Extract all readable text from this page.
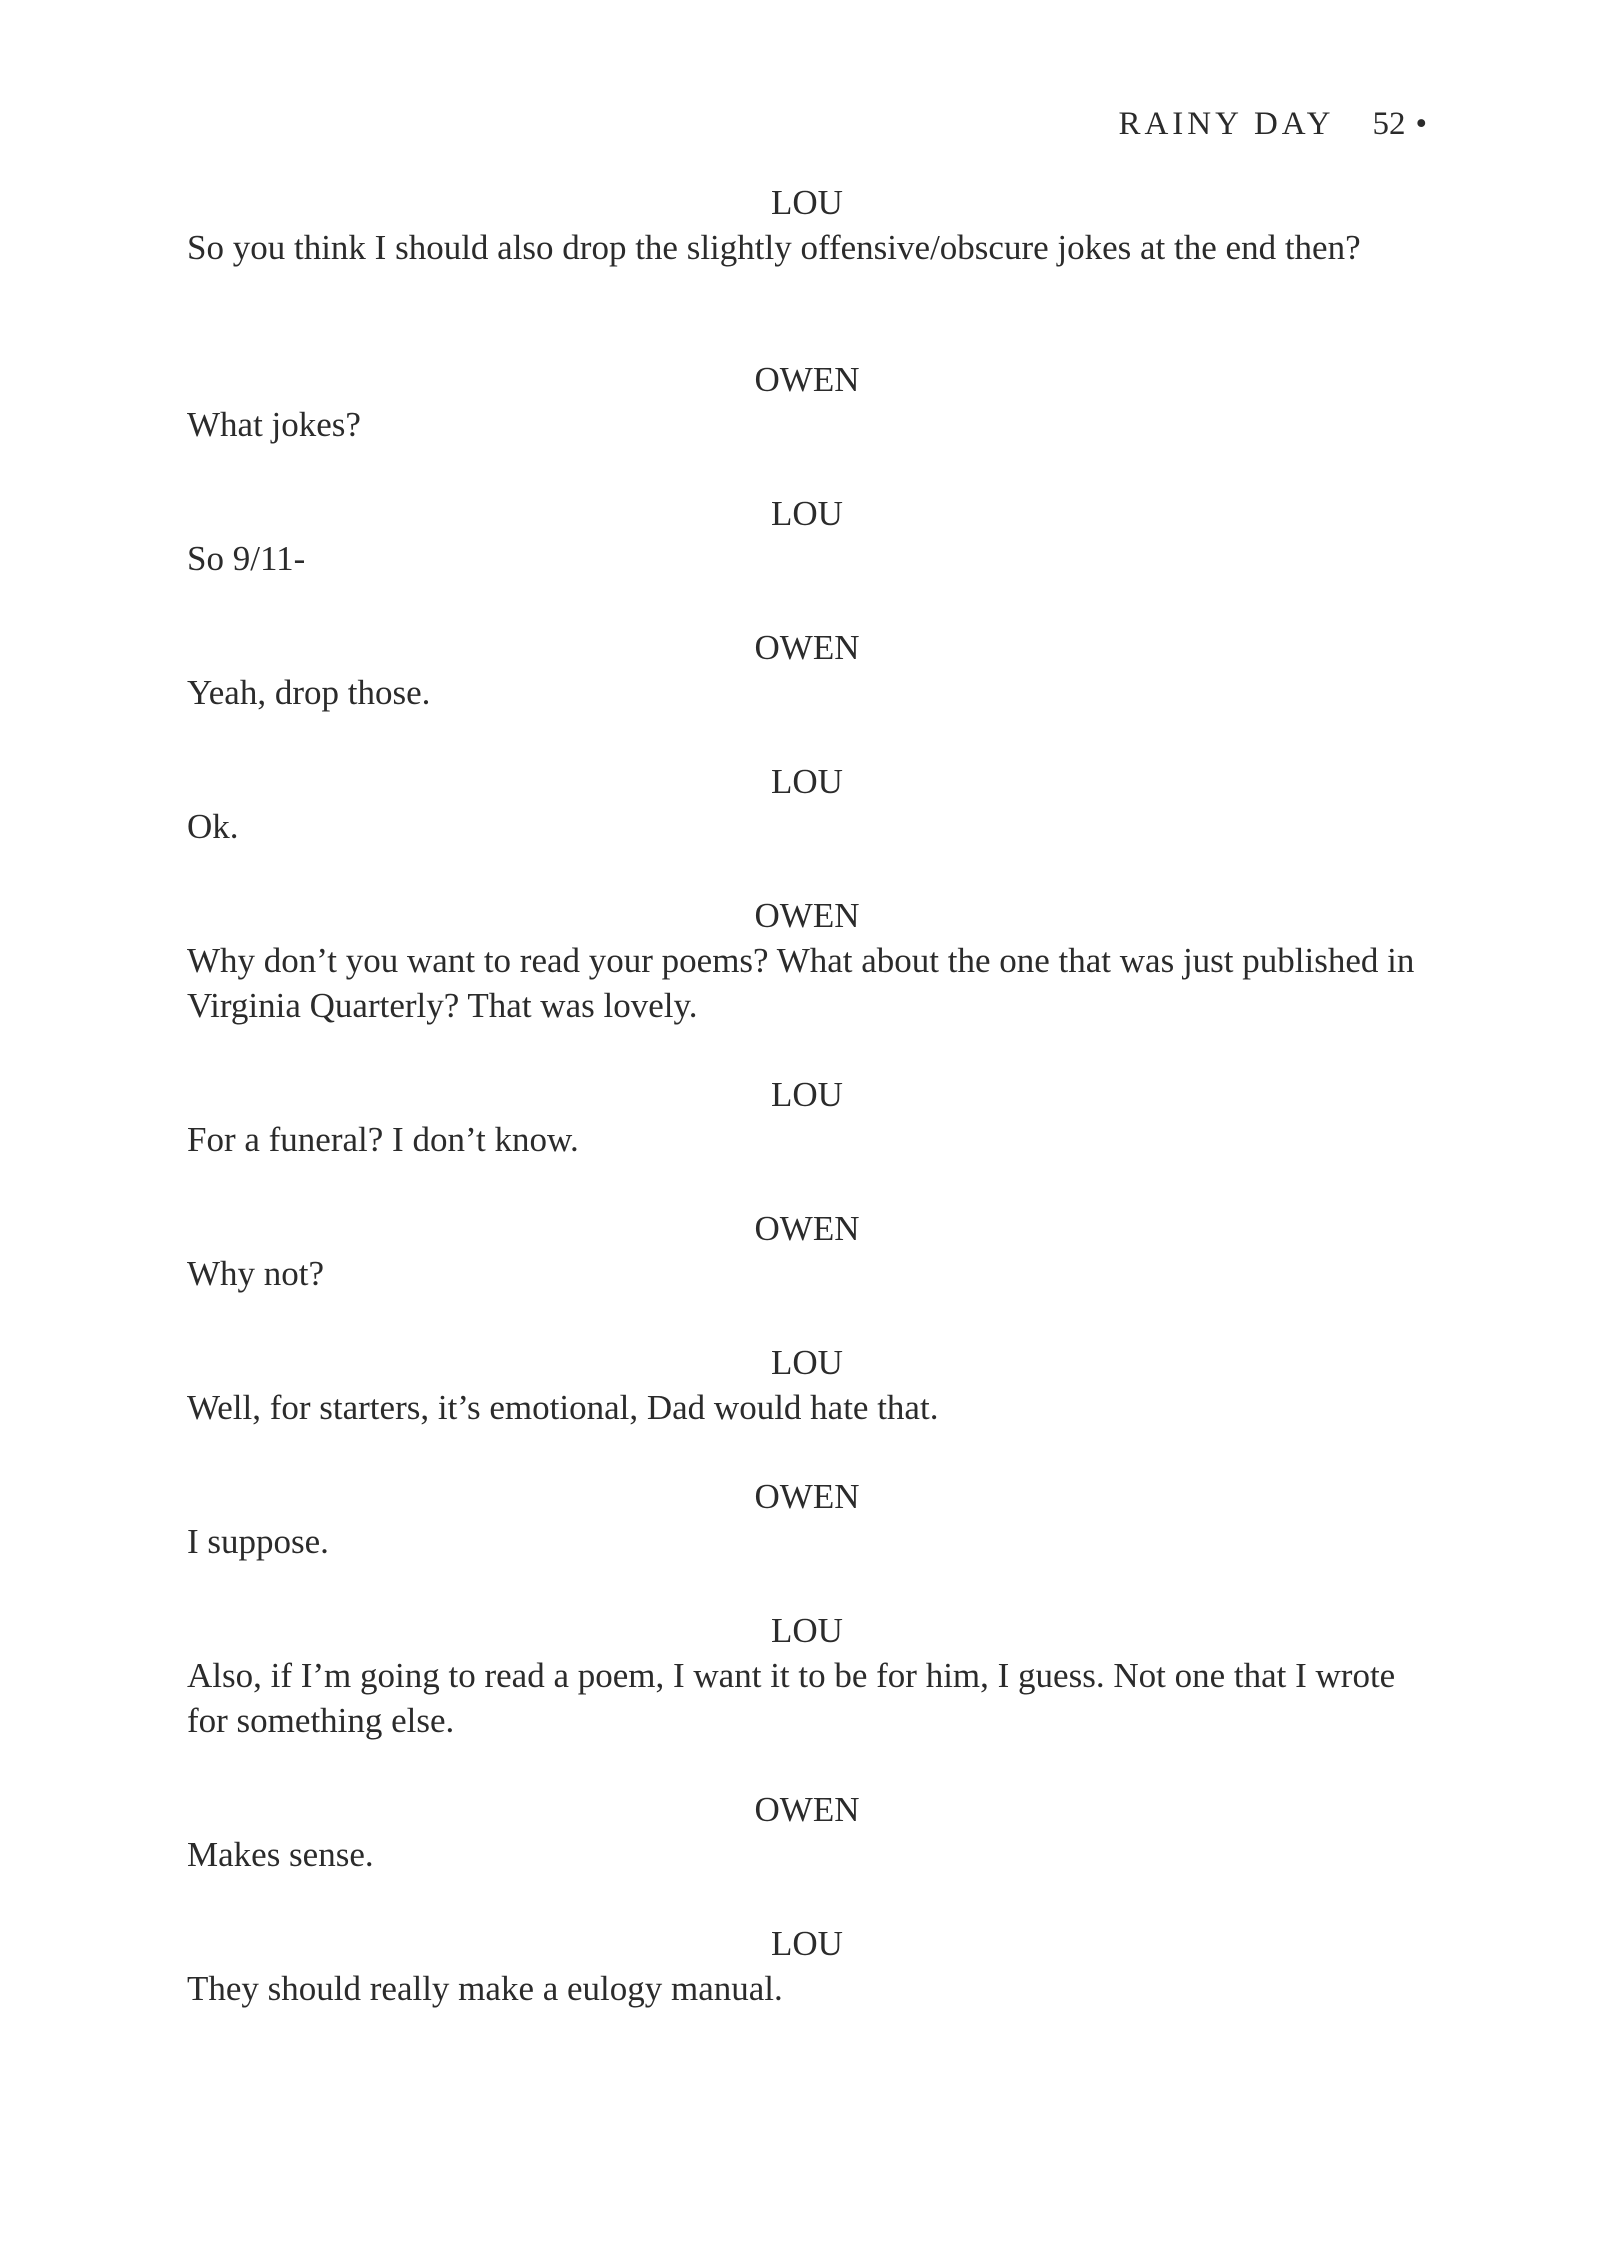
RAINY DAY 52 •

LOU

So you think I should also drop the slightly offensive/obscure jokes at the end then?

OWEN

What jokes?

LOU

So 9/11-

OWEN

Yeah, drop those.

LOU

Ok.

OWEN

Why don’t you want to read your poems? What about the one that was just published in Virginia Quarterly? That was lovely.

LOU

For a funeral? I don’t know.

OWEN

Why not?

LOU

Well, for starters, it’s emotional, Dad would hate that.

OWEN

I suppose.

LOU

Also, if I’m going to read a poem, I want it to be for him, I guess. Not one that I wrote for something else.

OWEN

Makes sense.

LOU

They should really make a eulogy manual.
